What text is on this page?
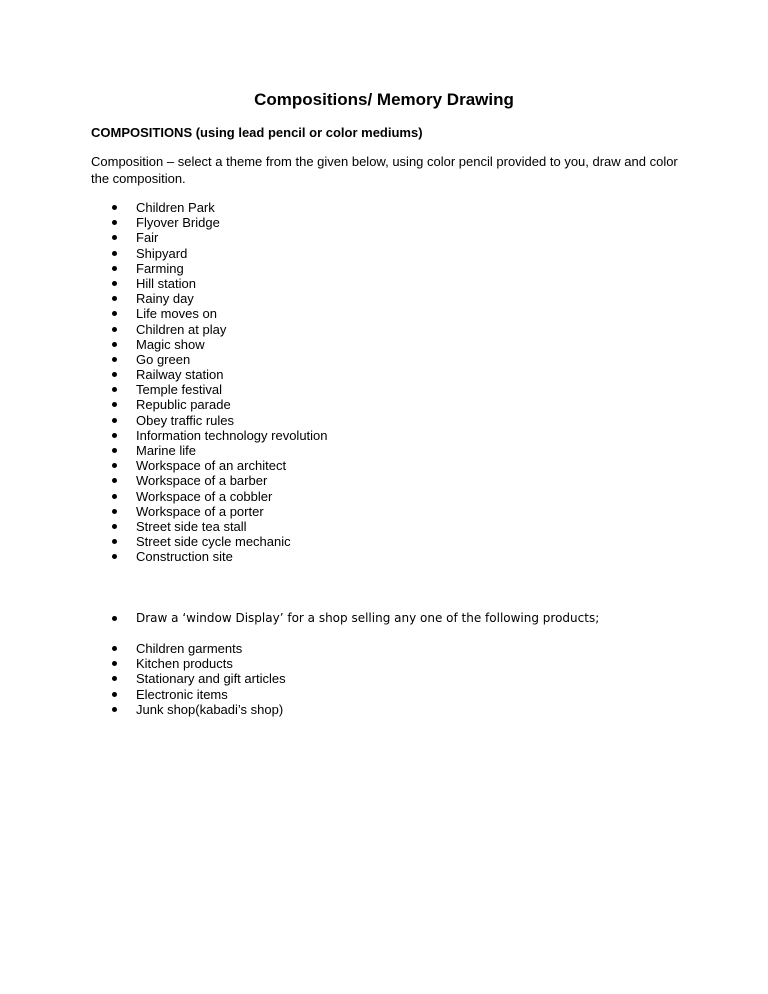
Compositions/ Memory Drawing

COMPOSITIONS (using lead pencil or color mediums)

Composition – select a theme from the given below, using color pencil provided to you, draw and color the composition.

Children Park
Flyover Bridge
Fair
Shipyard
Farming
Hill station
Rainy day
Life moves on
Children at play
Magic show
Go green
Railway station
Temple festival
Republic parade
Obey traffic rules
Information technology revolution
Marine life
Workspace of an architect
Workspace of a barber
Workspace of a cobbler
Workspace of a porter
Street side tea stall
Street side cycle mechanic
Construction site
Draw a ‘window Display’ for a shop selling any one of the following products;
Children garments
Kitchen products
Stationary and gift articles
Electronic items
Junk shop(kabadi’s shop)
